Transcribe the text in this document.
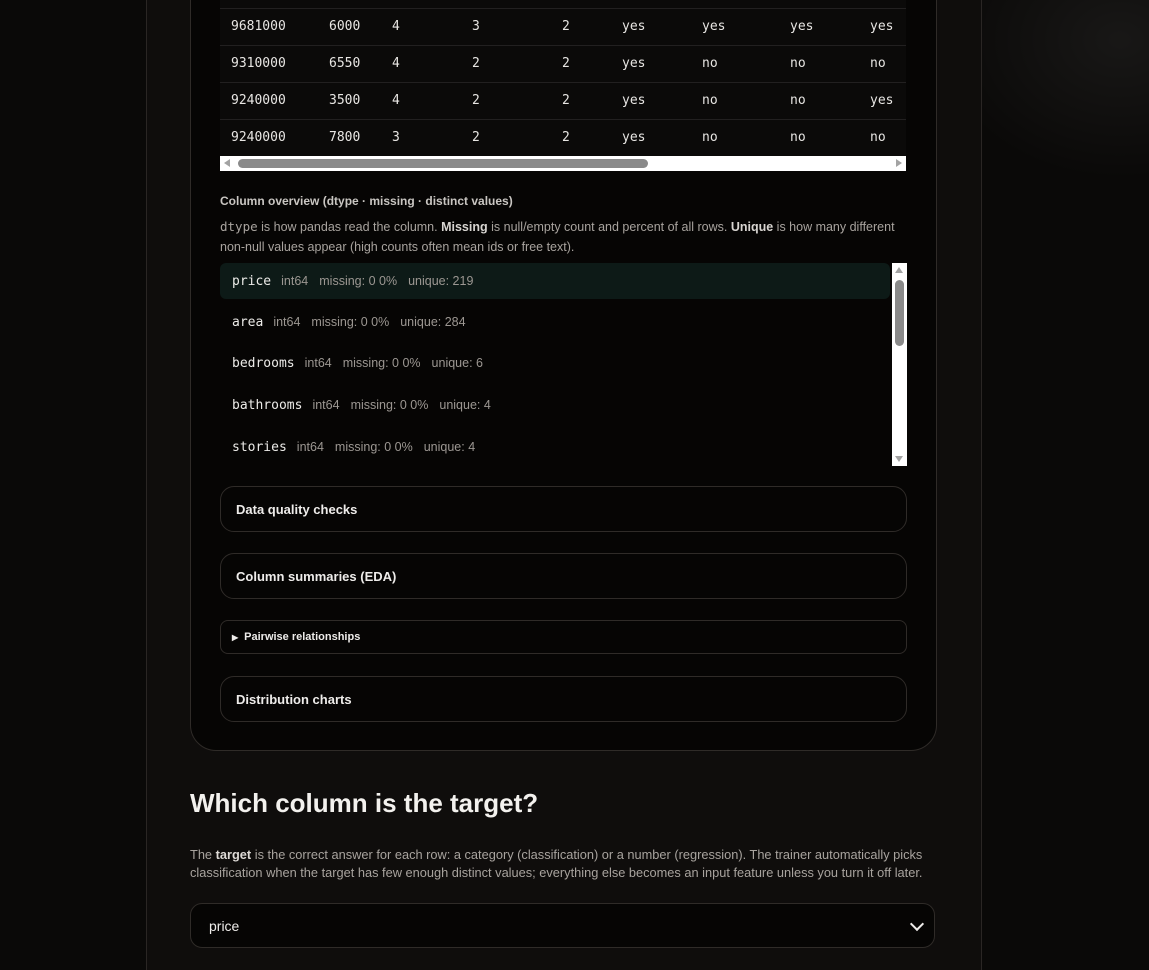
9681000	6000	4	3	2	yes	yes	yes	yes
9310000	6550	4	2	2	yes	no	no	no
9240000	3500	4	2	2	yes	no	no	yes
9240000	7800	3	2	2	yes	no	no	no
Column overview (dtype · missing · distinct values)
dtype is how pandas read the column. Missing is null/empty count and percent of all rows. Unique is how many different non-null values appear (high counts often mean ids or free text).
price int64 missing: 0 0% unique: 219
area int64 missing: 0 0% unique: 284
bedrooms int64 missing: 0 0% unique: 6
bathrooms int64 missing: 0 0% unique: 4
stories int64 missing: 0 0% unique: 4
Data quality checks
Column summaries (EDA)
▶ Pairwise relationships
Distribution charts
Which column is the target?

The target is the correct answer for each row: a category (classification) or a number (regression). The trainer automatically picks classification when the target has few enough distinct values; everything else becomes an input feature unless you turn it off later.

price
